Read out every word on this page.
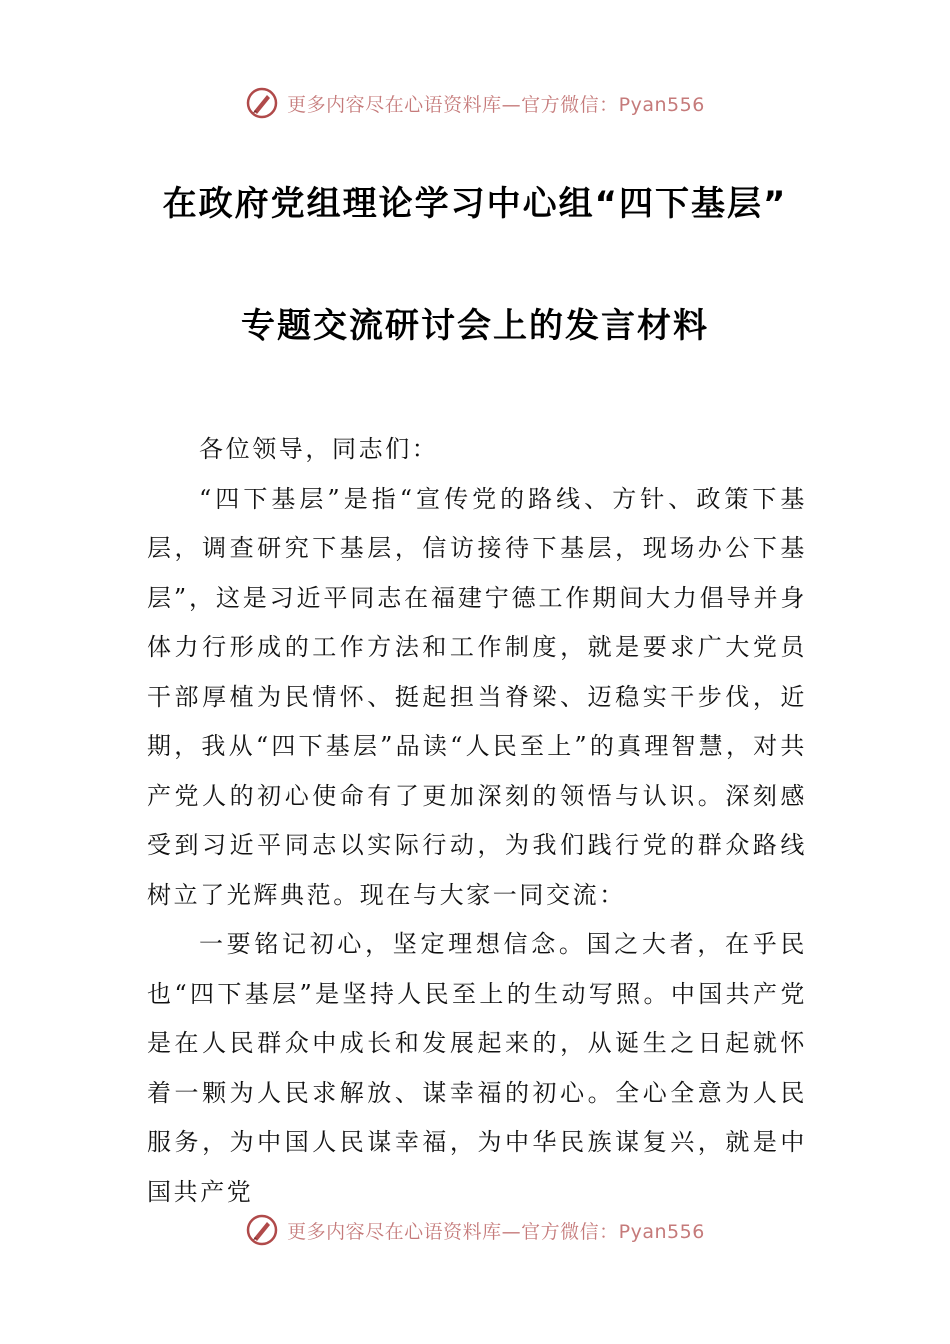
更多内容尽在心语资料库—官方微信：Pyan556
在政府党组理论学习中心组“四下基层”
专题交流研讨会上的发言材料

各位领导，同志们：

“四下基层”是指“宣传党的路线、方针、政策下基层，调查研究下基层，信访接待下基层，现场办公下基层”，这是习近平同志在福建宁德工作期间大力倡导并身体力行形成的工作方法和工作制度，就是要求广大党员干部厚植为民情怀、挺起担当脊梁、迈稳实干步伐，近期，我从“四下基层”品读“人民至上”的真理智慧，对共产党人的初心使命有了更加深刻的领悟与认识。深刻感受到习近平同志以实际行动，为我们践行党的群众路线树立了光辉典范。现在与大家一同交流：

一要铭记初心，坚定理想信念。国之大者，在乎民也“四下基层”是坚持人民至上的生动写照。中国共产党是在人民群众中成长和发展起来的，从诞生之日起就怀着一颗为人民求解放、谋幸福的初心。全心全意为人民服务，为中国人民谋幸福，为中华民族谋复兴，就是中国共产党

更多内容尽在心语资料库—官方微信：Pyan556
